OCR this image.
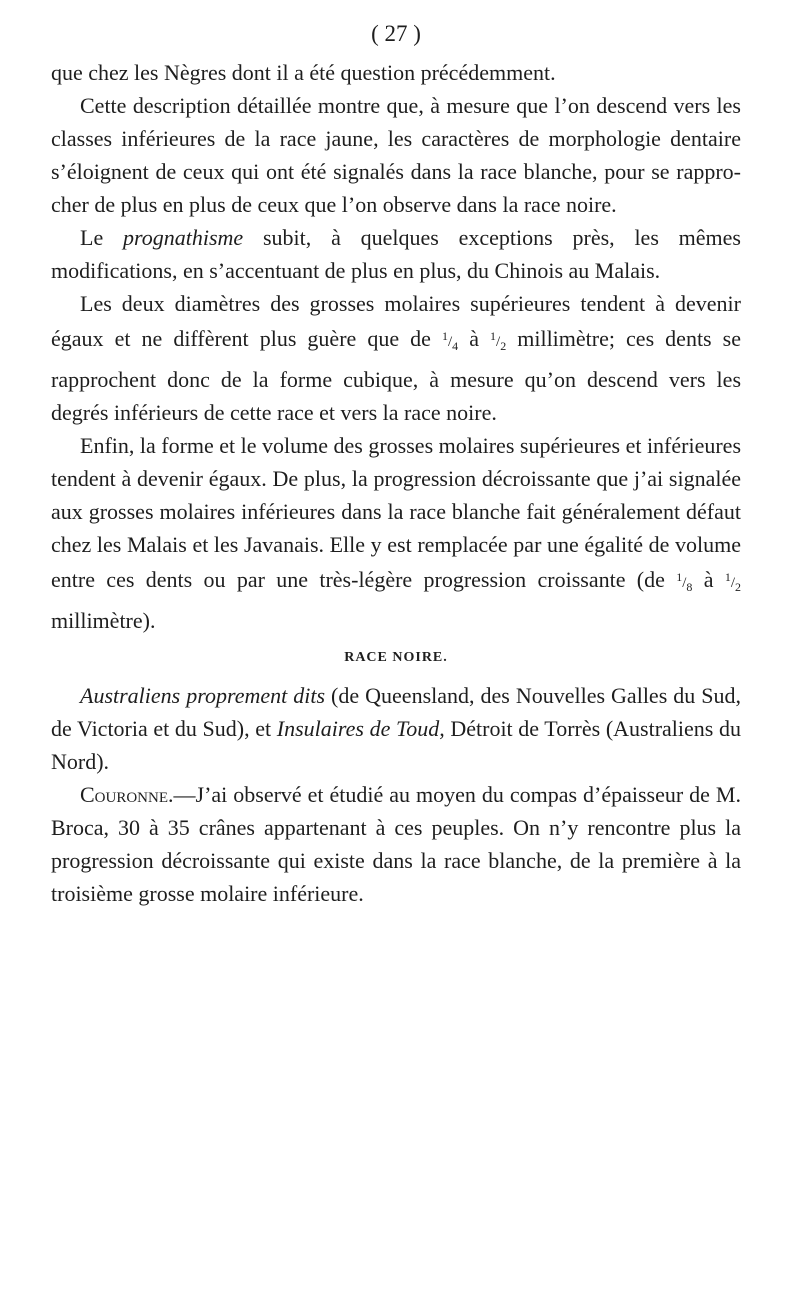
( 27 )

que chez les Nègres dont il a été question précédemment.

Cette description détaillée montre que, à mesure que l’on descend vers les classes inférieures de la race jaune, les caractères de morphologie dentaire s’éloignent de ceux qui ont été signalés dans la race blanche, pour se rapprocher de plus en plus de ceux que l’on observe dans la race noire.

Le prognathisme subit, à quelques exceptions près, les mêmes modifications, en s’accentuant de plus en plus, du Chinois au Malais.

Les deux diamètres des grosses molaires supérieures tendent à devenir égaux et ne diffèrent plus guère que de $^1/_4$ à $^1/_2$ millimètre; ces dents se rapprochent donc de la forme cubique, à mesure qu’on descend vers les degrés inférieurs de cette race et vers la race noire.

Enfin, la forme et le volume des grosses molaires supérieures et inférieures tendent à devenir égaux. De plus, la progression décroissante que j’ai signalée aux grosses molaires inférieures dans la race blanche fait généralement défaut chez les Malais et les Javanais. Elle y est remplacée par une égalité de volume entre ces dents ou par une très-légère progression croissante (de $^1/_8$ à $^1/_2$ millimètre).

RACE NOIRE.

Australiens proprement dits (de Queensland, des Nouvelles Galles du Sud, de Victoria et du Sud), et Insulaires de Toud, Détroit de Torrès (Australiens du Nord).

Couronne.—J’ai observé et étudié au moyen du compas d’épaisseur de M. Broca, 30 à 35 crânes appartenant à ces peuples. On n’y rencontre plus la progression décroissante qui existe dans la race blanche, de la première à la troisième grosse molaire inférieure.
